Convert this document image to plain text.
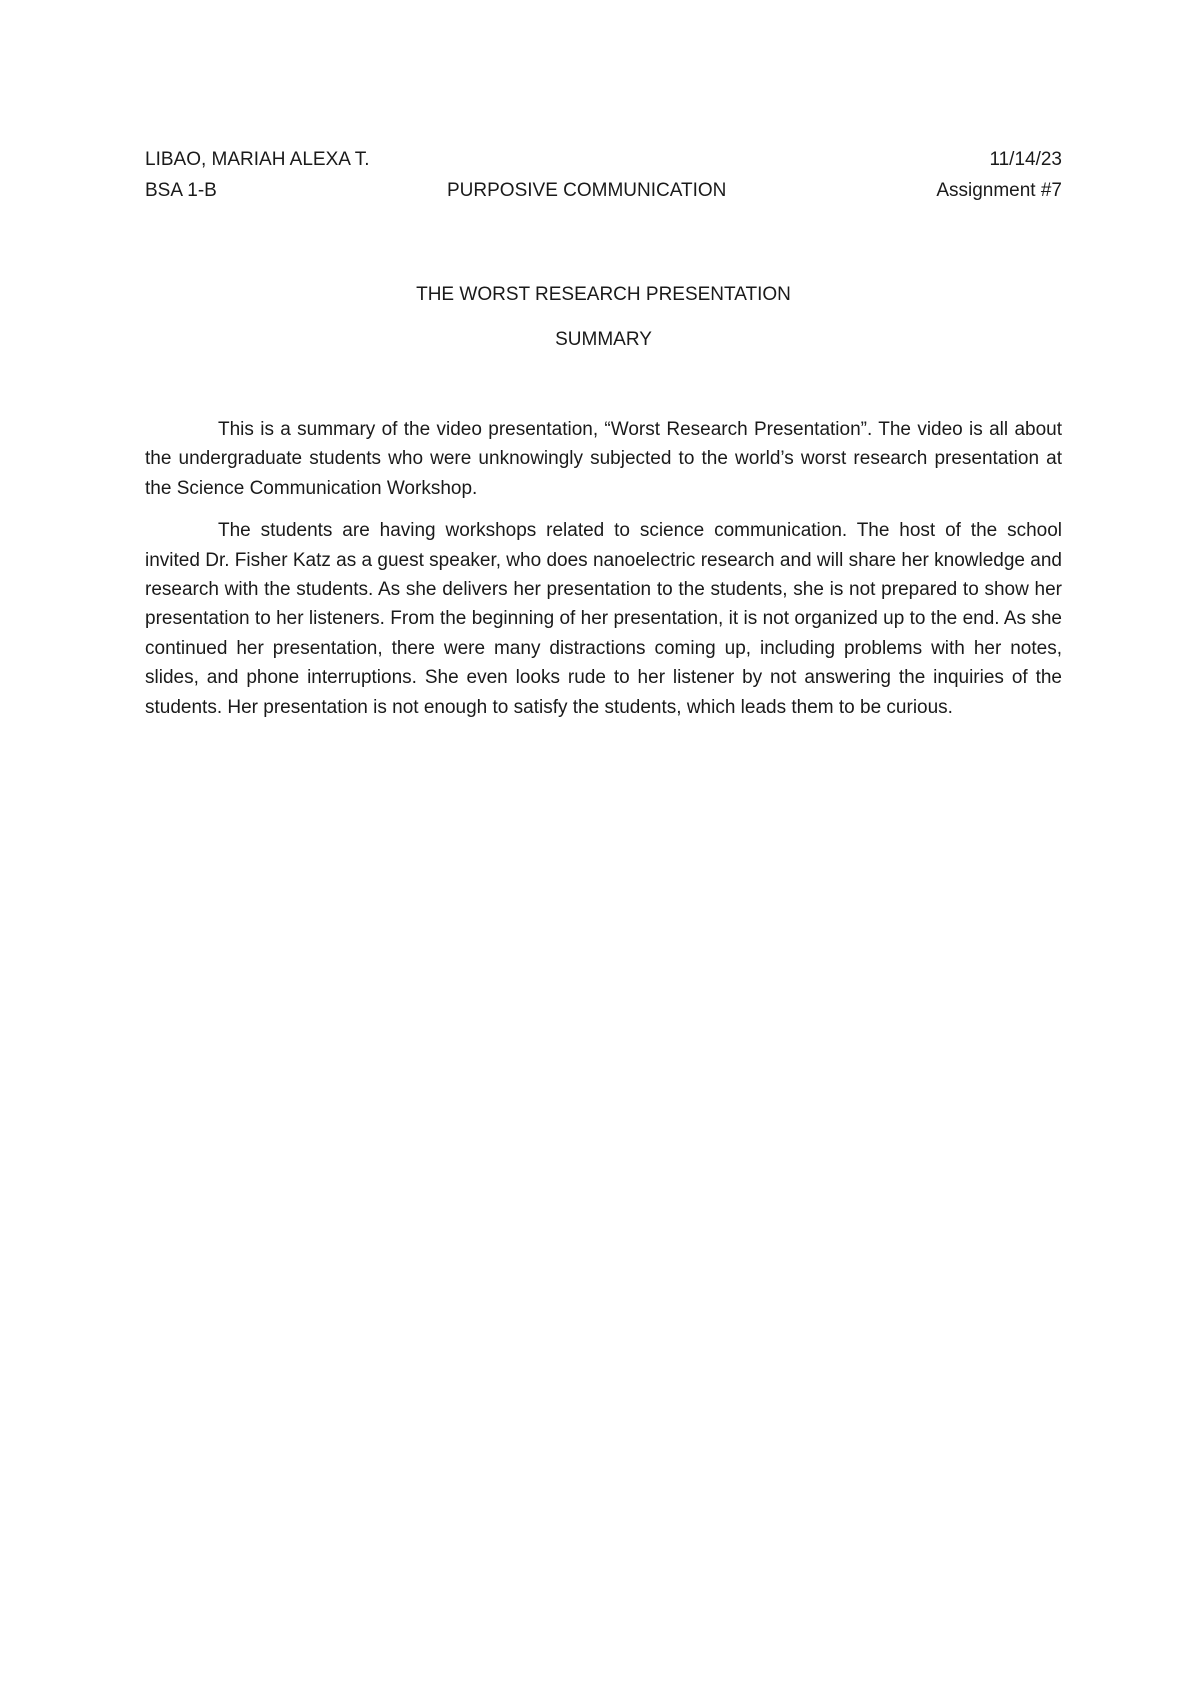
LIBAO, MARIAH ALEXA T.	11/14/23
BSA 1-B	PURPOSIVE COMMUNICATION	Assignment #7
THE WORST RESEARCH PRESENTATION
SUMMARY

This is a summary of the video presentation, “Worst Research Presentation”. The video is all about the undergraduate students who were unknowingly subjected to the world’s worst research presentation at the Science Communication Workshop.

The students are having workshops related to science communication. The host of the school invited Dr. Fisher Katz as a guest speaker, who does nanoelectric research and will share her knowledge and research with the students. As she delivers her presentation to the students, she is not prepared to show her presentation to her listeners. From the beginning of her presentation, it is not organized up to the end. As she continued her presentation, there were many distractions coming up, including problems with her notes, slides, and phone interruptions. She even looks rude to her listener by not answering the inquiries of the students. Her presentation is not enough to satisfy the students, which leads them to be curious.
